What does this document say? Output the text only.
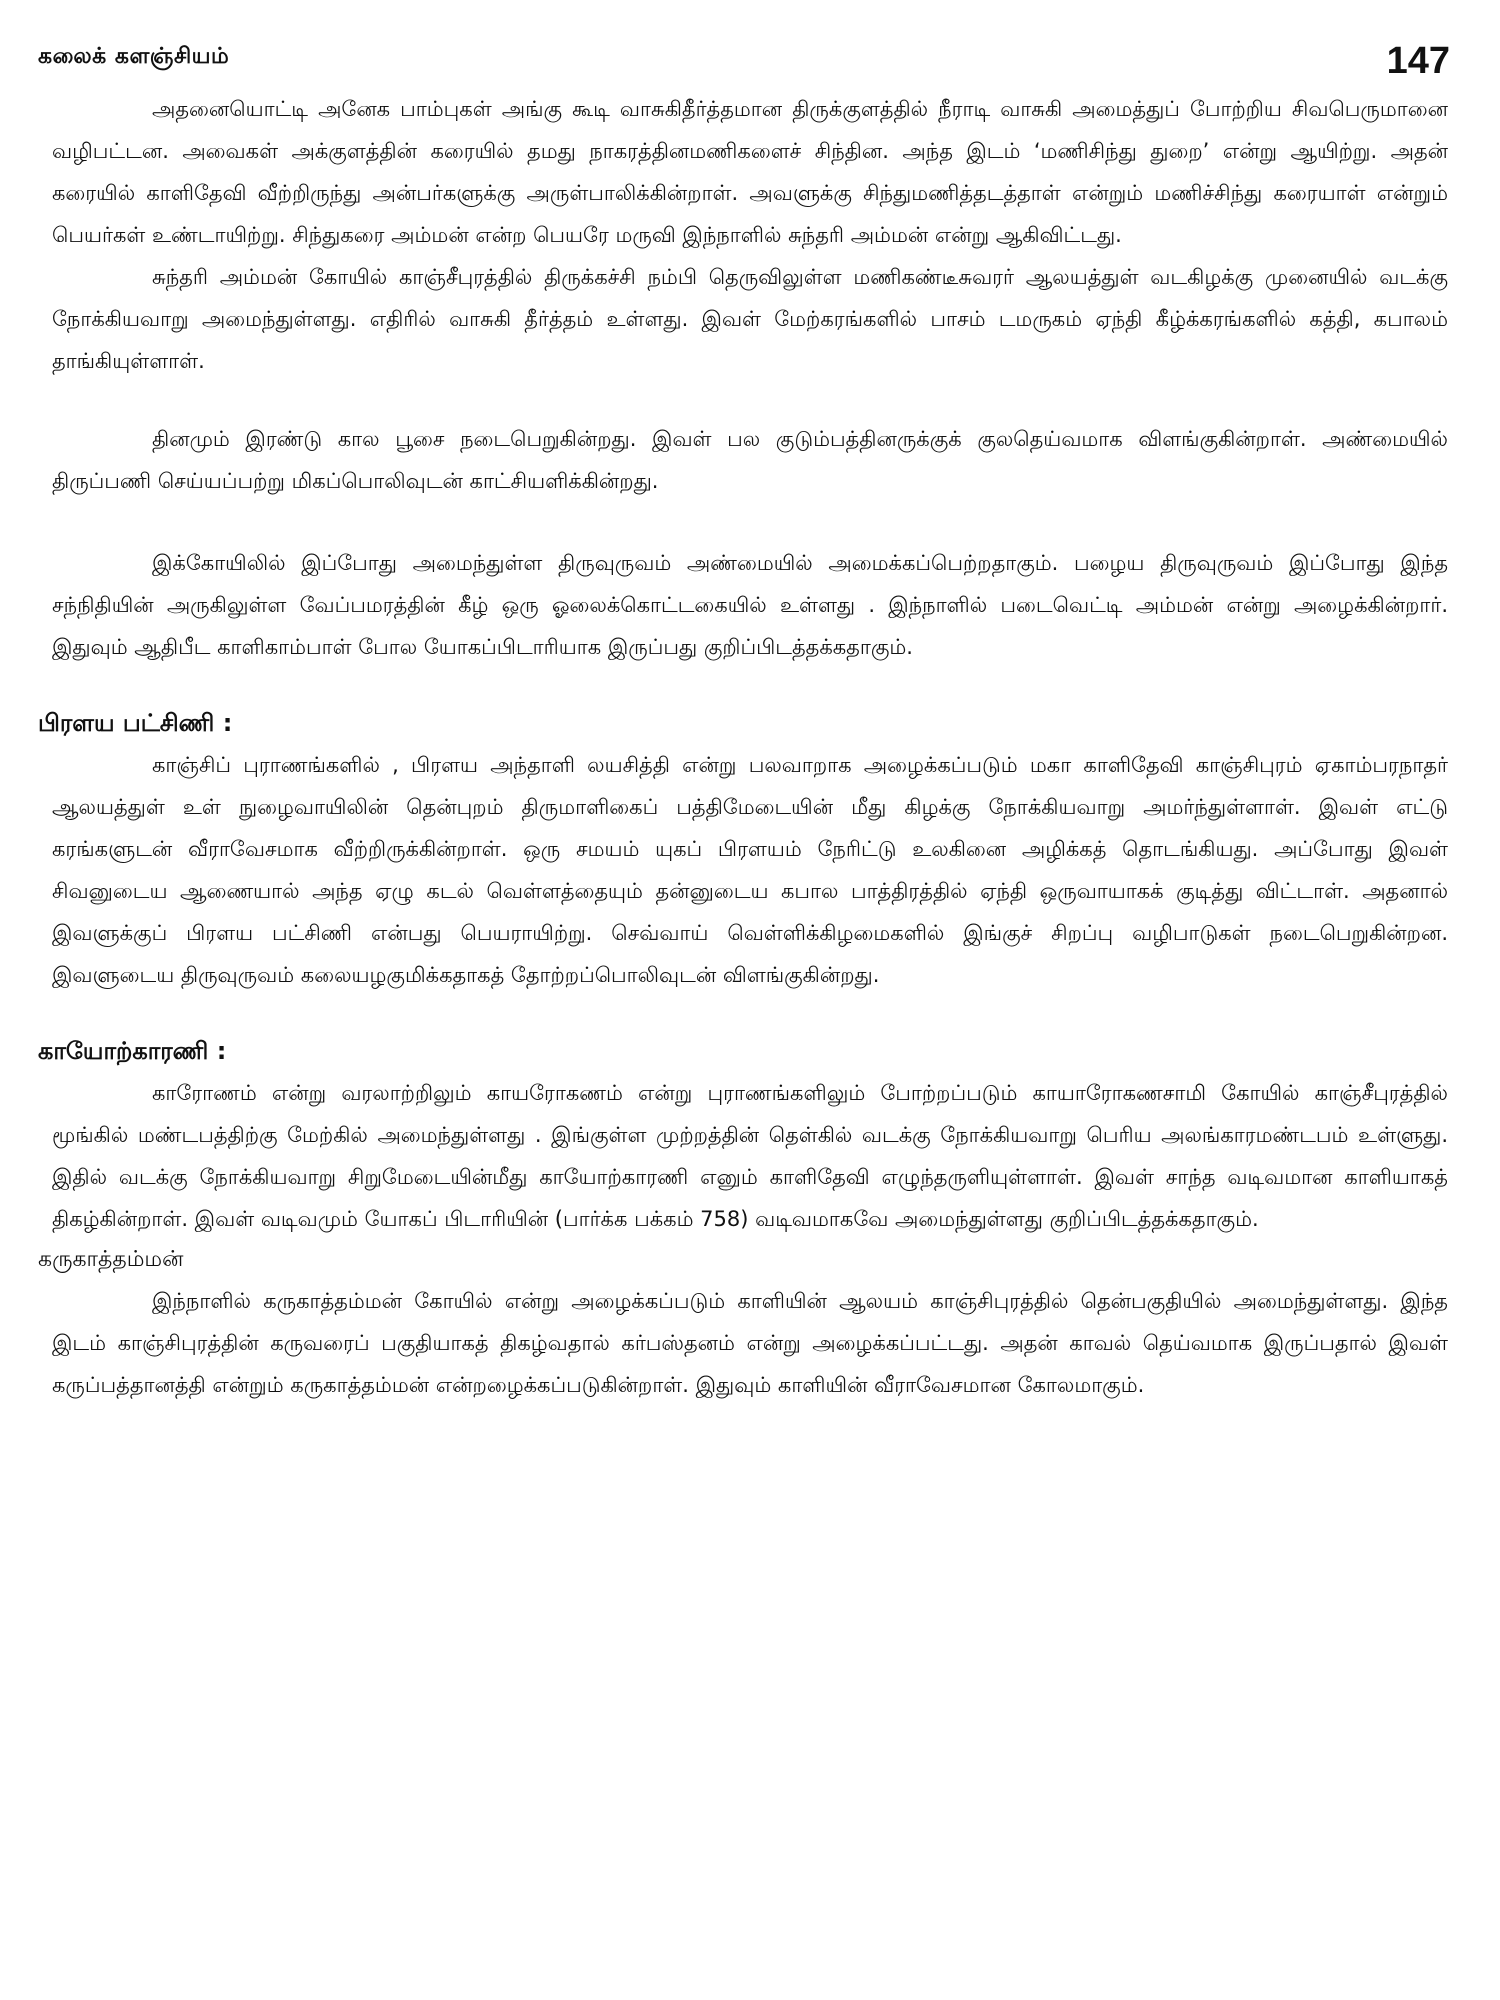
கலைக் களஞ்சியம்	147

அதனையொட்டி அனேக பாம்புகள் அங்கு கூடி வாசுகிதீர்த்தமான திருக்குளத்தில் நீராடி வாசுகி அமைத்துப் போற்றிய சிவபெருமானை வழிபட்டன. அவைகள் அக்குளத்தின் கரையில் தமது நாகரத்தினமணிகளைச் சிந்தின. அந்த இடம் ‘மணிசிந்து துறை’ என்று ஆயிற்று. அதன் கரையில் காளிதேவி வீற்றிருந்து அன்பர்களுக்கு அருள்பாலிக்கின்றாள். அவளுக்கு சிந்துமணித்தடத்தாள் என்றும் மணிச்சிந்து கரையாள் என்றும் பெயர்கள் உண்டாயிற்று. சிந்துகரை அம்மன் என்ற பெயரே மருவி இந்நாளில் சுந்தரி அம்மன் என்று ஆகிவிட்டது.

சுந்தரி அம்மன் கோயில் காஞ்சீபுரத்தில் திருக்கச்சி நம்பி தெருவிலுள்ள மணிகண்டீசுவரர் ஆலயத்துள் வடகிழக்கு முனையில் வடக்கு நோக்கியவாறு அமைந்துள்ளது. எதிரில் வாசுகி தீர்த்தம் உள்ளது. இவள் மேற்கரங்களில் பாசம் டமருகம் ஏந்தி கீழ்க்கரங்களில் கத்தி, கபாலம் தாங்கியுள்ளாள்.

தினமும் இரண்டு கால பூசை நடைபெறுகின்றது. இவள் பல குடும்பத்தினருக்குக் குலதெய்வமாக விளங்குகின்றாள். அண்மையில் திருப்பணி செய்யப்பற்று மிகப்பொலிவுடன் காட்சியளிக்கின்றது.

இக்கோயிலில் இப்போது அமைந்துள்ள திருவுருவம் அண்மையில் அமைக்கப்பெற்றதாகும். பழைய திருவுருவம் இப்போது இந்த சந்நிதியின் அருகிலுள்ள வேப்பமரத்தின் கீழ் ஒரு ஓலைக்கொட்டகையில் உள்ளது . இந்நாளில் படைவெட்டி அம்மன் என்று அழைக்கின்றார். இதுவும் ஆதிபீட காளிகாம்பாள் போல யோகப்பிடாரியாக இருப்பது குறிப்பிடத்தக்கதாகும்.

பிரளய பட்சிணி :

காஞ்சிப் புராணங்களில் , பிரளய அந்தாளி லயசித்தி என்று பலவாறாக அழைக்கப்படும் மகா காளிதேவி காஞ்சிபுரம் ஏகாம்பரநாதர் ஆலயத்துள் உள் நுழைவாயிலின் தென்புறம் திருமாளிகைப் பத்திமேடையின் மீது கிழக்கு நோக்கியவாறு அமர்ந்துள்ளாள். இவள் எட்டு கரங்களுடன் வீராவேசமாக வீற்றிருக்கின்றாள். ஒரு சமயம் யுகப் பிரளயம் நேரிட்டு உலகினை அழிக்கத் தொடங்கியது. அப்போது இவள் சிவனுடைய ஆணையால் அந்த ஏழு கடல் வெள்ளத்தையும் தன்னுடைய கபால பாத்திரத்தில் ஏந்தி ஒருவாயாகக் குடித்து விட்டாள். அதனால் இவளுக்குப் பிரளய பட்சிணி என்பது பெயராயிற்று. செவ்வாய் வெள்ளிக்கிழமைகளில் இங்குச் சிறப்பு வழிபாடுகள் நடைபெறுகின்றன. இவளுடைய திருவுருவம் கலையழகுமிக்கதாகத் தோற்றப்பொலிவுடன் விளங்குகின்றது.

காயோற்காரணி :

காரோணம் என்று வரலாற்றிலும் காயரோகணம் என்று புராணங்களிலும் போற்றப்படும் காயாரோகணசாமி கோயில் காஞ்சீபுரத்தில் மூங்கில் மண்டபத்திற்கு மேற்கில் அமைந்துள்ளது . இங்குள்ள முற்றத்தின் தெள்கில் வடக்கு நோக்கியவாறு பெரிய அலங்காரமண்டபம் உள்ளுது. இதில் வடக்கு நோக்கியவாறு சிறுமேடையின்மீது காயோற்காரணி எனும் காளிதேவி எழுந்தருளியுள்ளாள். இவள் சாந்த வடிவமான காளியாகத் திகழ்கின்றாள். இவள் வடிவமும் யோகப் பிடாரியின் (பார்க்க பக்கம் 758) வடிவமாகவே அமைந்துள்ளது குறிப்பிடத்தக்கதாகும்.

கருகாத்தம்மன்

இந்நாளில் கருகாத்தம்மன் கோயில் என்று அழைக்கப்படும் காளியின் ஆலயம் காஞ்சிபுரத்தில் தென்பகுதியில் அமைந்துள்ளது. இந்த இடம் காஞ்சிபுரத்தின் கருவரைப் பகுதியாகத் திகழ்வதால் கர்பஸ்தனம் என்று அழைக்கப்பட்டது. அதன் காவல் தெய்வமாக இருப்பதால் இவள் கருப்பத்தானத்தி என்றும் கருகாத்தம்மன் என்றழைக்கப்படுகின்றாள். இதுவும் காளியின் வீராவேசமான கோலமாகும்.
